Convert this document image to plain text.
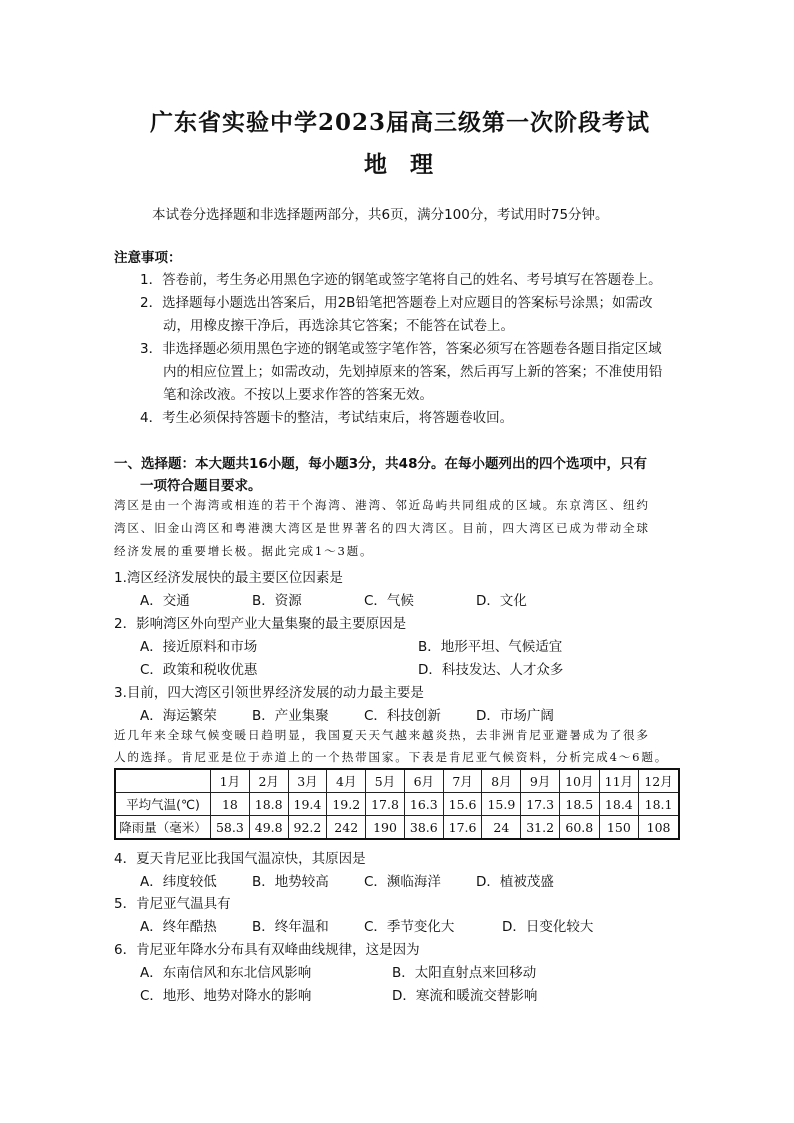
广东省实验中学2023届高三级第一次阶段考试
地　理
本试卷分选择题和非选择题两部分，共6页，满分100分，考试用时75分钟。
注意事项：
1．答卷前，考生务必用黑色字迹的钢笔或签字笔将自己的姓名、考号填写在答题卷上。
2．选择题每小题选出答案后，用2B铅笔把答题卷上对应题目的答案标号涂黑；如需改
动，用橡皮擦干净后，再选涂其它答案；不能答在试卷上。
3．非选择题必须用黑色字迹的钢笔或签字笔作答，答案必须写在答题卷各题目指定区域
内的相应位置上；如需改动，先划掉原来的答案，然后再写上新的答案；不准使用铅
笔和涂改液。不按以上要求作答的答案无效。
4．考生必须保持答题卡的整洁，考试结束后，将答题卷收回。
一、选择题：本大题共16小题，每小题3分，共48分。在每小题列出的四个选项中，只有
一项符合题目要求。
湾区是由一个海湾或相连的若干个海湾、港湾、邻近岛屿共同组成的区域。东京湾区、纽约
湾区、旧金山湾区和粤港澳大湾区是世界著名的四大湾区。目前，四大湾区已成为带动全球
经济发展的重要增长极。据此完成1～3题。
1.湾区经济发展快的最主要区位因素是
A．交通	B．资源	C．气候	D．文化
2．影响湾区外向型产业大量集聚的最主要原因是
A．接近原料和市场	B．地形平坦、气候适宜
C．政策和税收优惠	D．科技发达、人才众多
3.目前，四大湾区引领世界经济发展的动力最主要是
A．海运繁荣	B．产业集聚	C．科技创新	D．市场广阔
近几年来全球气候变暖日趋明显，我国夏天天气越来越炎热，去非洲肯尼亚避暑成为了很多
人的选择。肯尼亚是位于赤道上的一个热带国家。下表是肯尼亚气候资料，分析完成4～6题。
	1月	2月	3月	4月	5月	6月	7月	8月	9月	10月	11月	12月
平均气温(℃)	18	18.8	19.4	19.2	17.8	16.3	15.6	15.9	17.3	18.5	18.4	18.1
降雨量（毫米）	58.3	49.8	92.2	242	190	38.6	17.6	24	31.2	60.8	150	108
4．夏天肯尼亚比我国气温凉快，其原因是
A．纬度较低	B．地势较高	C．濒临海洋	D．植被茂盛
5．肯尼亚气温具有
A．终年酷热	B．终年温和	C．季节变化大	D．日变化较大
6．肯尼亚年降水分布具有双峰曲线规律，这是因为
A．东南信风和东北信风影响	B．太阳直射点来回移动
C．地形、地势对降水的影响	D．寒流和暖流交替影响
